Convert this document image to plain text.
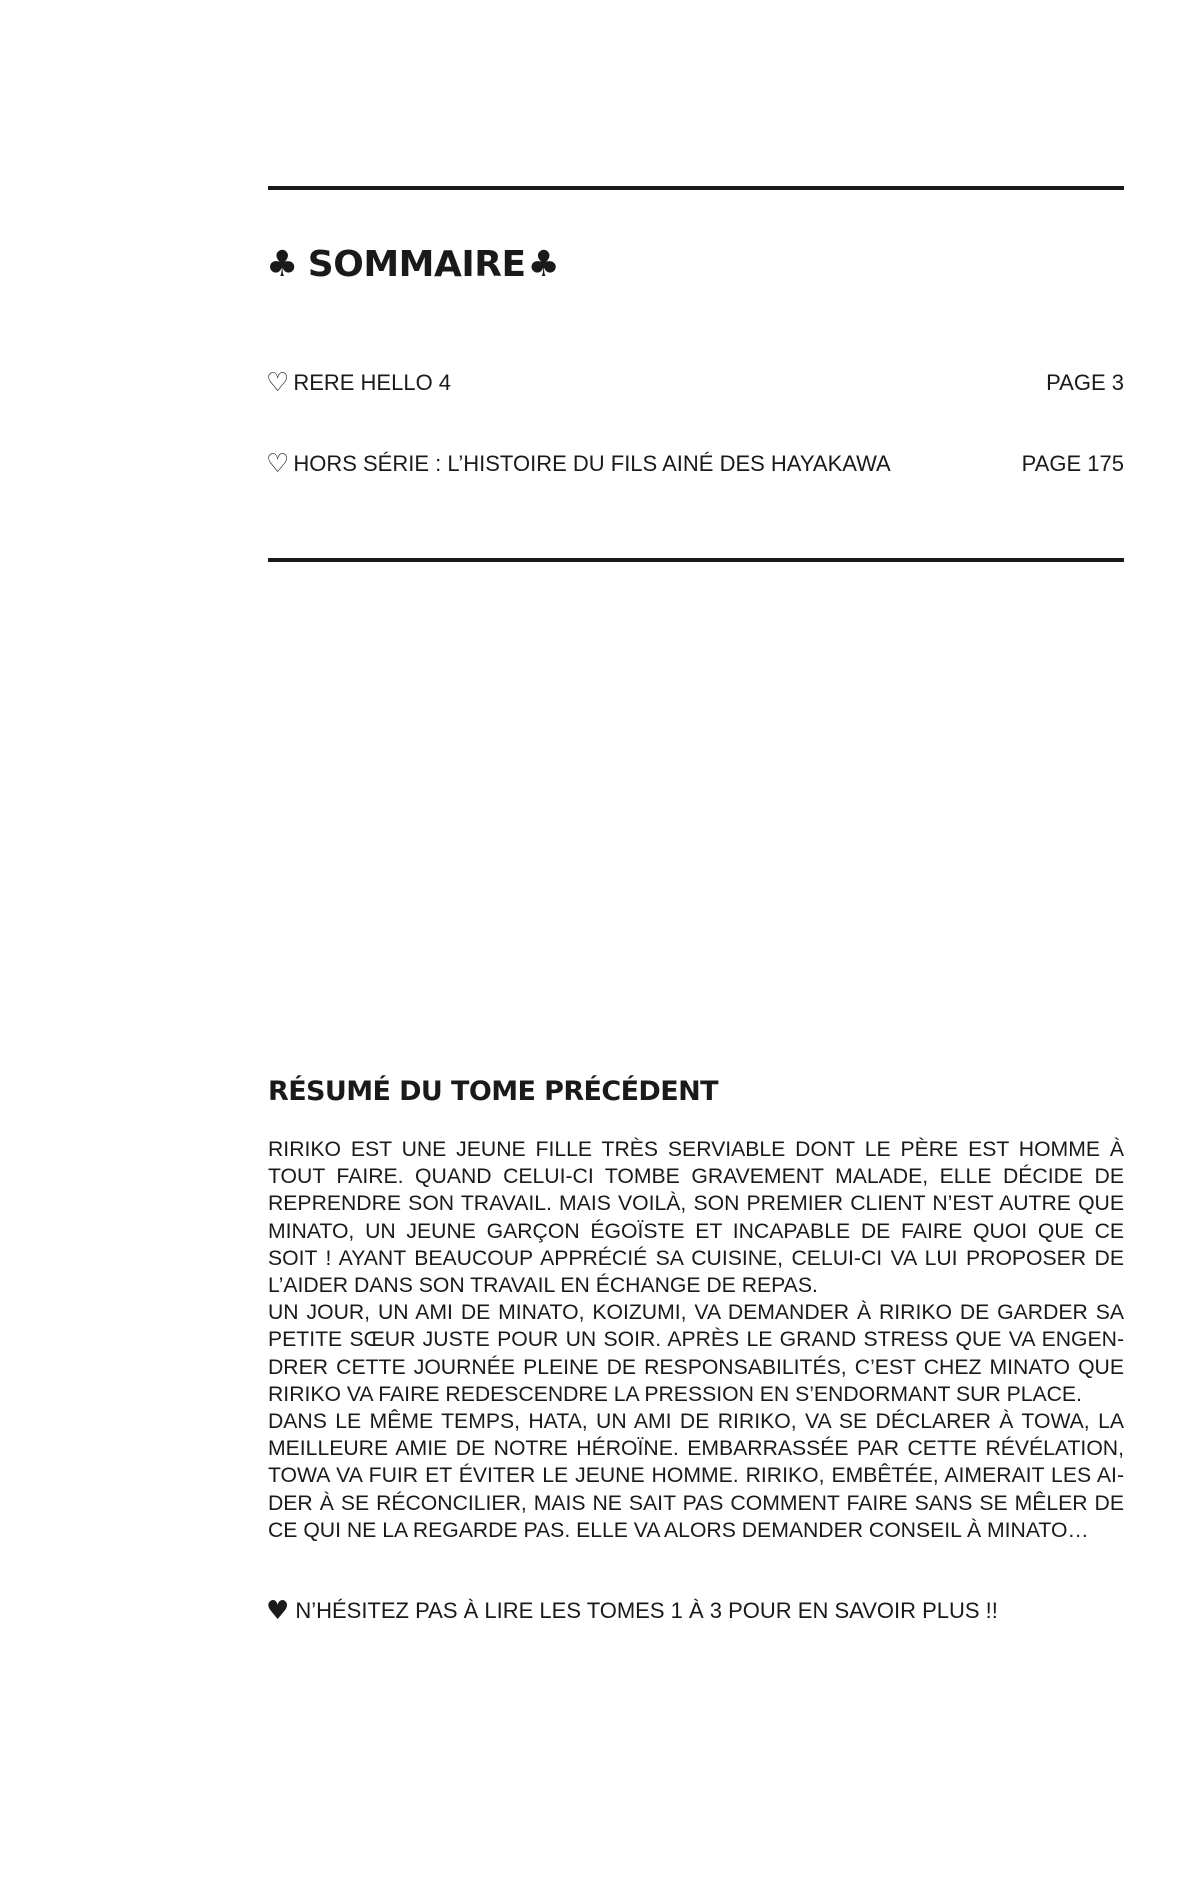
♣ SOMMAIRE ♣
♡ RERE HELLO 4	PAGE 3
♡ HORS SÉRIE : L’HISTOIRE DU FILS AINÉ DES HAYAKAWA	PAGE 175
RÉSUMÉ DU TOME PRÉCÉDENT

RIRIKO EST UNE JEUNE FILLE TRÈS SERVIABLE DONT LE PÈRE EST HOMME À TOUT FAIRE. QUAND CELUI-CI TOMBE GRAVEMENT MALADE, ELLE DÉCIDE DE REPRENDRE SON TRAVAIL. MAIS VOILÀ, SON PREMIER CLIENT N’EST AUTRE QUE MINATO, UN JEUNE GARÇON ÉGOÏSTE ET INCAPABLE DE FAIRE QUOI QUE CE SOIT ! AYANT BEAUCOUP APPRÉCIÉ SA CUISINE, CELUI-CI VA LUI PROPOSER DE L’AIDER DANS SON TRAVAIL EN ÉCHANGE DE REPAS.

UN JOUR, UN AMI DE MINATO, KOIZUMI, VA DEMANDER À RIRIKO DE GARDER SA PETITE SŒUR JUSTE POUR UN SOIR. APRÈS LE GRAND STRESS QUE VA ENGENDRER CETTE JOURNÉE PLEINE DE RESPONSABILITÉS, C’EST CHEZ MINATO QUE RIRIKO VA FAIRE REDESCENDRE LA PRESSION EN S’ENDORMANT SUR PLACE.

DANS LE MÊME TEMPS, HATA, UN AMI DE RIRIKO, VA SE DÉCLARER À TOWA, LA MEILLEURE AMIE DE NOTRE HÉROÏNE. EMBARRASSÉE PAR CETTE RÉVÉLATION, TOWA VA FUIR ET ÉVITER LE JEUNE HOMME. RIRIKO, EMBÊTÉE, AIMERAIT LES AIDER À SE RÉCONCILIER, MAIS NE SAIT PAS COMMENT FAIRE SANS SE MÊLER DE CE QUI NE LA REGARDE PAS. ELLE VA ALORS DEMANDER CONSEIL À MINATO…

♥ N’HÉSITEZ PAS À LIRE LES TOMES 1 À 3 POUR EN SAVOIR PLUS !!
